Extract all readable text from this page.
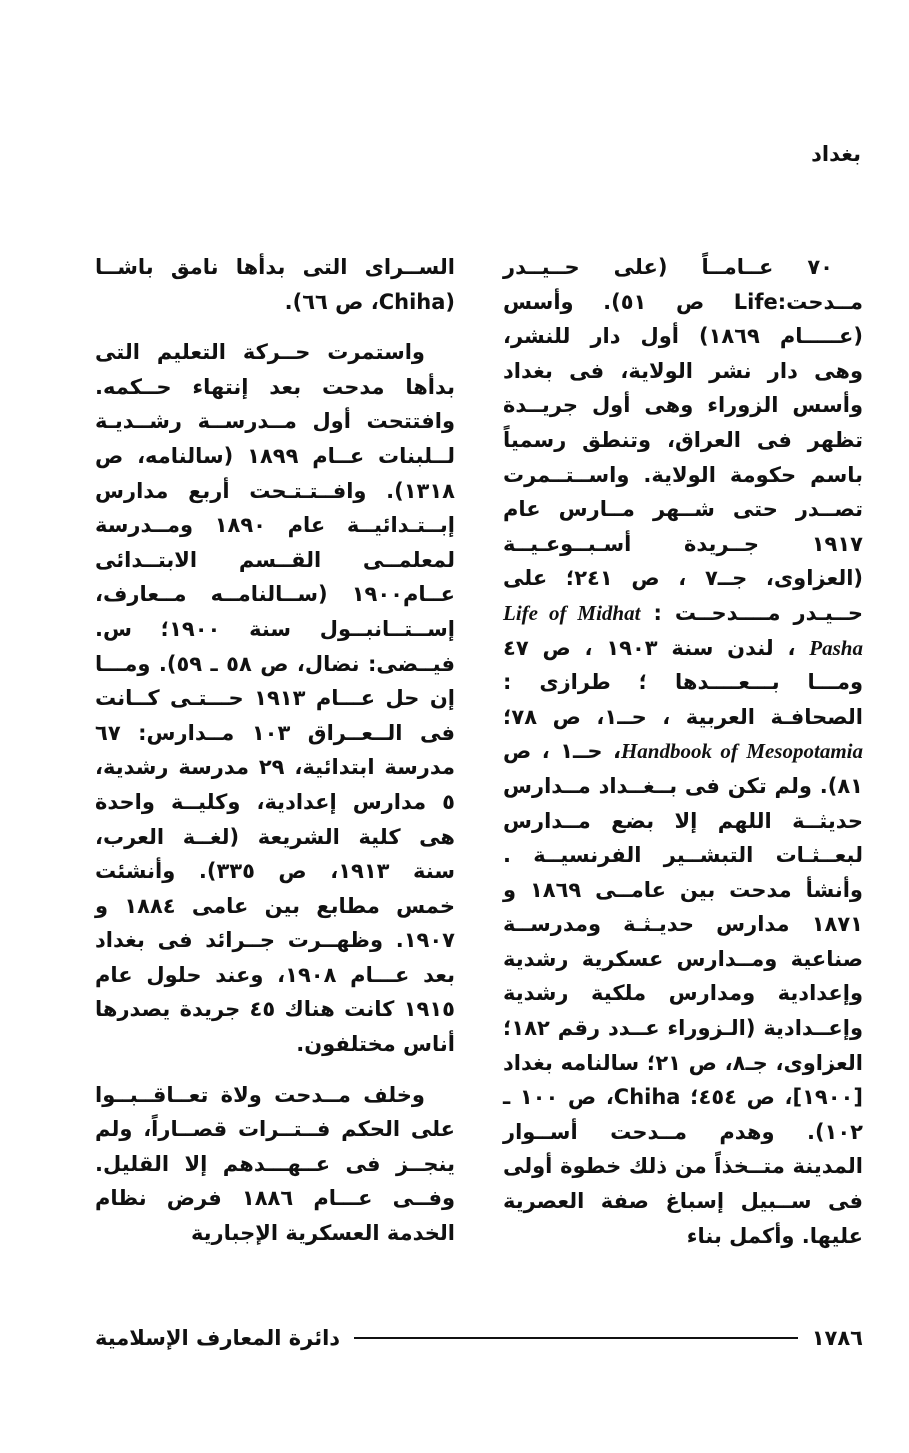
بغداد

٧٠ عــامــاً (على حــيــدر مــدحت:Life ص ٥١). وأسس (عـــــام ١٨٦٩) أول دار للنشر، وهى دار نشر الولاية، فى بغداد وأسس الزوراء وهى أول جريــدة تظهر فى العراق، وتنطق رسمياً باسم حكومة الولاية. واســتــمرت تصــدر حتى شــهر مــارس عام ١٩١٧ جــريدة أسـبــوعـيــة (العزاوى، جــ٧ ، ص ٢٤١؛ على حــيـدر مــــدحــت : Life of Midhat Pasha ، لندن سنة ١٩٠٣ ، ص ٤٧ ومـــا بـــعــــدها ؛ طرازى : الصحافـة العربية ، حــ١، ص ٧٨؛ Handbook of Mesopotamia، حــ١ ، ص ٨١). ولم تكن فى بــغــداد مــدارس حديثــة اللهم إلا بضع مــدارس لبعــثـات التبشــير الفرنسيــة . وأنشأ مدحت بين عامــى ١٨٦٩ و ١٨٧١ مدارس حديـثـة ومدرســة صناعية ومــدارس عسكرية رشدية وإعدادية ومدارس ملكية رشدية وإعــدادية (الـزوراء عــدد رقم ١٨٢؛ العزاوى، جـ٨، ص ٢١؛ سالنامه بغداد [١٩٠٠]، ص ٤٥٤؛ Chiha، ص ١٠٠ ـ ١٠٢). وهدم مــدحت أســوار المدينة متــخذاً من ذلك خطوة أولى فى ســبيل إسباغ صفة العصرية عليها. وأكمل بناء

الســراى التى بدأها نامق باشــا (Chiha، ص ٦٦).

واستمرت حــركة التعليم التى بدأها مدحت بعد إنتهاء حــكمه. وافتتحت أول مــدرســة رشــديـة لــلبنات عــام ١٨٩٩ (سالنامه، ص ١٣١٨). وافــتـتـحت أربع مدارس إبــتـدائيــة عام ١٨٩٠ ومــدرسة لمعلمــى القــسم الابتــدائى عــام١٩٠٠ (ســالنامــه مــعارف، إســتــانبــول سنة ١٩٠٠؛ س. فيــضى: نضال، ص ٥٨ ـ ٥٩). ومـــا إن حل عـــام ١٩١٣ حـــتـى كــانت فى الــعــراق ١٠٣ مــدارس: ٦٧ مدرسة ابتدائية، ٢٩ مدرسة رشدية، ٥ مدارس إعدادية، وكليــة واحدة هى كلية الشريعة (لغــة العرب، سنة ١٩١٣، ص ٣٣٥). وأنشئت خمس مطابع بين عامى ١٨٨٤ و ١٩٠٧. وظهــرت جــرائد فى بغداد بعد عـــام ١٩٠٨، وعند حلول عام ١٩١٥ كانت هناك ٤٥ جريدة يصدرها أناس مختلفون.

وخلف مــدحت ولاة تعــاقــبــوا على الحكم فــتــرات قصــاراً، ولم ينجــز فى عــهـــدهم إلا القليل. وفــى عـــام ١٨٨٦ فرض نظام الخدمة العسكرية الإجبارية

١٧٨٦
دائرة المعارف الإسلامية
